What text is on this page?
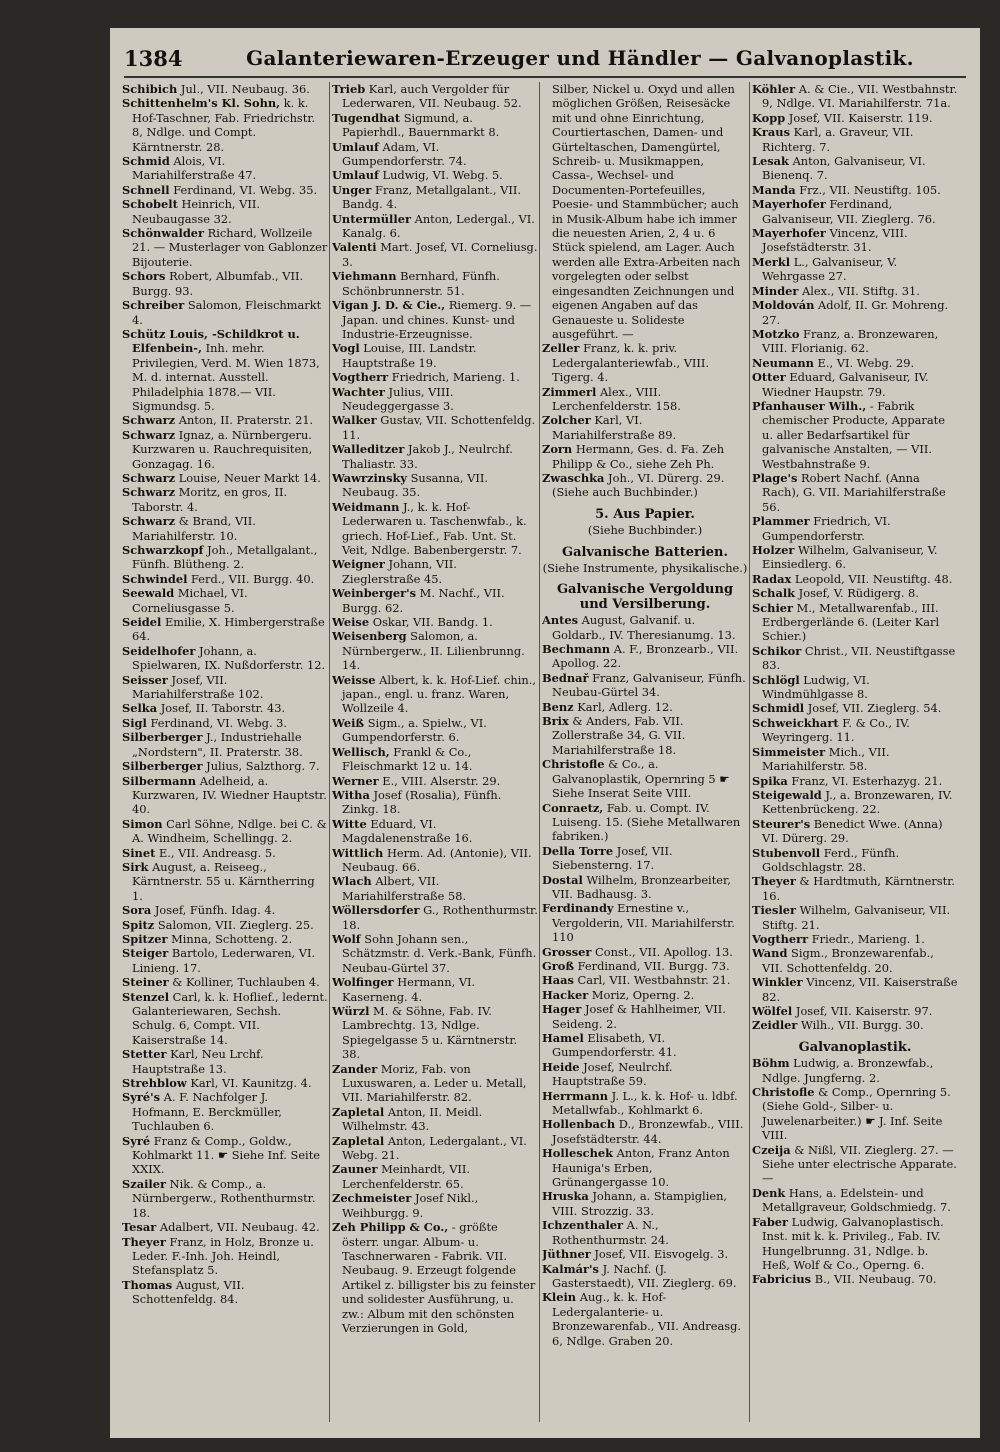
1384	Galanteriewaren-Erzeuger und Händler — Galvanoplastik.

Schibich Jul., VII. Neubaug. 36.

Schittenhelm's Kl. Sohn, k. k. Hof-Taschner, Fab. Friedrichstr. 8, Ndlge. und Compt. Kärntnerstr. 28.

Schmid Alois, VI. Mariahilferstraße 47.

Schnell Ferdinand, VI. Webg. 35.

Schobelt Heinrich, VII. Neubaugasse 32.

Schönwalder Richard, Wollzeile 21. — Musterlager von Gablonzer Bijouterie.

Schors Robert, Albumfab., VII. Burgg. 93.

Schreiber Salomon, Fleischmarkt 4.

Schütz Louis, -Schildkrot u. Elfenbein-, Inh. mehr. Privilegien, Verd. M. Wien 1873, M. d. internat. Ausstell. Philadelphia 1878.— VII. Sigmundsg. 5.

Schwarz Anton, II. Praterstr. 21.

Schwarz Ignaz, a. Nürnbergeru. Kurzwaren u. Rauchrequisiten, Gonzagag. 16.

Schwarz Louise, Neuer Markt 14.

Schwarz Moritz, en gros, II. Taborstr. 4.

Schwarz & Brand, VII. Mariahilferstr. 10.

Schwarzkopf Joh., Metallgalant., Fünfh. Blütheng. 2.

Schwindel Ferd., VII. Burgg. 40.

Seewald Michael, VI. Corneliusgasse 5.

Seidel Emilie, X. Himbergerstraße 64.

Seidelhofer Johann, a. Spielwaren, IX. Nußdorferstr. 12.

Seisser Josef, VII. Mariahilferstraße 102.

Selka Josef, II. Taborstr. 43.

Sigl Ferdinand, VI. Webg. 3.

Silberberger J., Industriehalle „Nordstern", II. Praterstr. 38.

Silberberger Julius, Salzthorg. 7.

Silbermann Adelheid, a. Kurzwaren, IV. Wiedner Hauptstr. 40.

Simon Carl Söhne, Ndlge. bei C. & A. Windheim, Schellingg. 2.

Sinet E., VII. Andreasg. 5.

Sirk August, a. Reiseeg., Kärntnerstr. 55 u. Kärntherring 1.

Sora Josef, Fünfh. Idag. 4.

Spitz Salomon, VII. Zieglerg. 25.

Spitzer Minna, Schotteng. 2.

Steiger Bartolo, Lederwaren, VI. Linieng. 17.

Steiner & Kolliner, Tuchlauben 4.

Stenzel Carl, k. k. Hoflief., ledernt. Galanteriewaren, Sechsh. Schulg. 6, Compt. VII. Kaiserstraße 14.

Stetter Karl, Neu Lrchf. Hauptstraße 13.

Strehblow Karl, VI. Kaunitzg. 4.

Syré's A. F. Nachfolger J. Hofmann, E. Berckmüller, Tuchlauben 6.

Syré Franz & Comp., Goldw., Kohlmarkt 11. ☛ Siehe Inf. Seite XXIX.

Szailer Nik. & Comp., a. Nürnbergerw., Rothenthurmstr. 18.

Tesar Adalbert, VII. Neubaug. 42.

Theyer Franz, in Holz, Bronze u. Leder. F.-Inh. Joh. Heindl, Stefansplatz 5.

Thomas August, VII. Schottenfeldg. 84.

Trieb Karl, auch Vergolder für Lederwaren, VII. Neubaug. 52.

Tugendhat Sigmund, a. Papierhdl., Bauernmarkt 8.

Umlauf Adam, VI. Gumpendorferstr. 74.

Umlauf Ludwig, VI. Webg. 5.

Unger Franz, Metallgalant., VII. Bandg. 4.

Untermüller Anton, Ledergal., VI. Kanalg. 6.

Valenti Mart. Josef, VI. Corneliusg. 3.

Viehmann Bernhard, Fünfh. Schönbrunnerstr. 51.

Vigan J. D. & Cie., Riemerg. 9. — Japan. und chines. Kunst- und Industrie-Erzeugnisse.

Vogl Louise, III. Landstr. Hauptstraße 19.

Vogtherr Friedrich, Marieng. 1.

Wachter Julius, VIII. Neudeggergasse 3.

Walker Gustav, VII. Schottenfeldg. 11.

Walleditzer Jakob J., Neulrchf. Thaliastr. 33.

Wawrzinsky Susanna, VII. Neubaug. 35.

Weidmann J., k. k. Hof-Lederwaren u. Taschenwfab., k. griech. Hof-Lief., Fab. Unt. St. Veit, Ndlge. Babenbergerstr. 7.

Weigner Johann, VII. Zieglerstraße 45.

Weinberger's M. Nachf., VII. Burgg. 62.

Weise Oskar, VII. Bandg. 1.

Weisenberg Salomon, a. Nürnbergerw., II. Lilienbrunng. 14.

Weisse Albert, k. k. Hof-Lief. chin., japan., engl. u. franz. Waren, Wollzeile 4.

Weiß Sigm., a. Spielw., VI. Gumpendorferstr. 6.

Wellisch, Frankl & Co., Fleischmarkt 12 u. 14.

Werner E., VIII. Alserstr. 29.

Witha Josef (Rosalia), Fünfh. Zinkg. 18.

Witte Eduard, VI. Magdalenenstraße 16.

Wittlich Herm. Ad. (Antonie), VII. Neubaug. 66.

Wlach Albert, VII. Mariahilferstraße 58.

Wöllersdorfer G., Rothenthurmstr. 18.

Wolf Sohn Johann sen., Schätzmstr. d. Verk.-Bank, Fünfh. Neubau-Gürtel 37.

Wolfinger Hermann, VI. Kaserneng. 4.

Würzl M. & Söhne, Fab. IV. Lambrechtg. 13, Ndlge. Spiegelgasse 5 u. Kärntnerstr. 38.

Zander Moriz, Fab. von Luxuswaren, a. Leder u. Metall, VII. Mariahilferstr. 82.

Zapletal Anton, II. Meidl. Wilhelmstr. 43.

Zapletal Anton, Ledergalant., VI. Webg. 21.

Zauner Meinhardt, VII. Lerchenfelderstr. 65.

Zechmeister Josef Nikl., Weihburgg. 9.

Zeh Philipp & Co., - größte österr. ungar. Album- u. Taschnerwaren - Fabrik. VII. Neubaug. 9. Erzeugt folgende Artikel z. billigster bis zu feinster und solidester Ausführung, u. zw.: Album mit den schönsten Verzierungen in Gold,

Silber, Nickel u. Oxyd und allen möglichen Größen, Reisesäcke mit und ohne Einrichtung, Courtiertaschen, Damen- und Gürteltaschen, Damengürtel, Schreib- u. Musikmappen, Cassa-, Wechsel- und Documenten-Portefeuilles, Poesie- und Stammbücher; auch in Musik-Album habe ich immer die neuesten Arien, 2, 4 u. 6 Stück spielend, am Lager. Auch werden alle Extra-Arbeiten nach vorgelegten oder selbst eingesandten Zeichnungen und eigenen Angaben auf das Genaueste u. Solideste ausgeführt. —

Zeller Franz, k. k. priv. Ledergalanteriewfab., VIII. Tigerg. 4.

Zimmerl Alex., VIII. Lerchenfelderstr. 158.

Zolcher Karl, VI. Mariahilferstraße 89.

Zorn Hermann, Ges. d. Fa. Zeh Philipp & Co., siehe Zeh Ph.

Zwaschka Joh., VI. Dürerg. 29. (Siehe auch Buchbinder.)

5. Aus Papier.

(Siehe Buchbinder.)

Galvanische Batterien.

(Siehe Instrumente, physikalische.)

Galvanische Vergoldung und Versilberung.

Antes August, Galvanif. u. Goldarb., IV. Theresianumg. 13.

Bechmann A. F., Bronzearb., VII. Apollog. 22.

Bednař Franz, Galvaniseur, Fünfh. Neubau-Gürtel 34.

Benz Karl, Adlerg. 12.

Brix & Anders, Fab. VII. Zollerstraße 34, G. VII. Mariahilferstraße 18.

Christofle & Co., a. Galvanoplastik, Opernring 5 ☛ Siehe Inserat Seite VIII.

Conraetz, Fab. u. Compt. IV. Luiseng. 15. (Siehe Metallwaren fabriken.)

Della Torre Josef, VII. Siebensterng. 17.

Dostal Wilhelm, Bronzearbeiter, VII. Badhausg. 3.

Ferdinandy Ernestine v., Vergolderin, VII. Mariahilferstr. 110

Grosser Const., VII. Apollog. 13.

Groß Ferdinand, VII. Burgg. 73.

Haas Carl, VII. Westbahnstr. 21.

Hacker Moriz, Operng. 2.

Hager Josef & Hahlheimer, VII. Seideng. 2.

Hamel Elisabeth, VI. Gumpendorferstr. 41.

Heide Josef, Neulrchf. Hauptstraße 59.

Herrmann J. L., k. k. Hof- u. ldbf. Metallwfab., Kohlmarkt 6.

Hollenbach D., Bronzewfab., VIII. Josefstädterstr. 44.

Holleschek Anton, Franz Anton Hauniga's Erben, Grünangergasse 10.

Hruska Johann, a. Stampiglien, VIII. Strozzig. 33.

Ichzenthaler A. N., Rothenthurmstr. 24.

Jüthner Josef, VII. Eisvogelg. 3.

Kalmár's J. Nachf. (J. Gasterstaedt), VII. Zieglerg. 69.

Klein Aug., k. k. Hof-Ledergalanterie- u. Bronzewarenfab., VII. Andreasg. 6, Ndlge. Graben 20.

Köhler A. & Cie., VII. Westbahnstr. 9, Ndlge. VI. Mariahilferstr. 71a.

Kopp Josef, VII. Kaiserstr. 119.

Kraus Karl, a. Graveur, VII. Richterg. 7.

Lesak Anton, Galvaniseur, VI. Bienenq. 7.

Manda Frz., VII. Neustiftg. 105.

Mayerhofer Ferdinand, Galvaniseur, VII. Zieglerg. 76.

Mayerhofer Vincenz, VIII. Josefstädterstr. 31.

Merkl L., Galvaniseur, V. Wehrgasse 27.

Minder Alex., VII. Stiftg. 31.

Moldován Adolf, II. Gr. Mohreng. 27.

Motzko Franz, a. Bronzewaren, VIII. Florianig. 62.

Neumann E., VI. Webg. 29.

Otter Eduard, Galvaniseur, IV. Wiedner Haupstr. 79.

Pfanhauser Wilh., - Fabrik chemischer Producte, Apparate u. aller Bedarfsartikel für galvanische Anstalten, — VII. Westbahnstraße 9.

Plage's Robert Nachf. (Anna Rach), G. VII. Mariahilferstraße 56.

Plammer Friedrich, VI. Gumpendorferstr.

Holzer Wilhelm, Galvaniseur, V. Einsiedlerg. 6.

Radax Leopold, VII. Neustiftg. 48.

Schalk Josef, V. Rüdigerg. 8.

Schier M., Metallwarenfab., III. Erdbergerlände 6. (Leiter Karl Schier.)

Schikor Christ., VII. Neustiftgasse 83.

Schlögl Ludwig, VI. Windmühlgasse 8.

Schmidl Josef, VII. Zieglerg. 54.

Schweickhart F. & Co., IV. Weyringerg. 11.

Simmeister Mich., VII. Mariahilferstr. 58.

Spika Franz, VI. Esterhazyg. 21.

Steigewald J., a. Bronzewaren, IV. Kettenbrückeng. 22.

Steurer's Benedict Wwe. (Anna) VI. Dürerg. 29.

Stubenvoll Ferd., Fünfh. Goldschlagstr. 28.

Theyer & Hardtmuth, Kärntnerstr. 16.

Tiesler Wilhelm, Galvaniseur, VII. Stiftg. 21.

Vogtherr Friedr., Marieng. 1.

Wand Sigm., Bronzewarenfab., VII. Schottenfeldg. 20.

Winkler Vincenz, VII. Kaiserstraße 82.

Wölfel Josef, VII. Kaiserstr. 97.

Zeidler Wilh., VII. Burgg. 30.

Galvanoplastik.

Böhm Ludwig, a. Bronzewfab., Ndlge. Jungferng. 2.

Christofle & Comp., Opernring 5. (Siehe Gold-, Silber- u. Juwelenarbeiter.) ☛ J. Inf. Seite VIII.

Czeija & Nißl, VII. Zieglerg. 27. — Siehe unter electrische Apparate. —

Denk Hans, a. Edelstein- und Metallgraveur, Goldschmiedg. 7.

Faber Ludwig, Galvanoplastisch. Inst. mit k. k. Privileg., Fab. IV. Hungelbrunng. 31, Ndlge. b. Heß, Wolf & Co., Operng. 6.

Fabricius B., VII. Neubaug. 70.
